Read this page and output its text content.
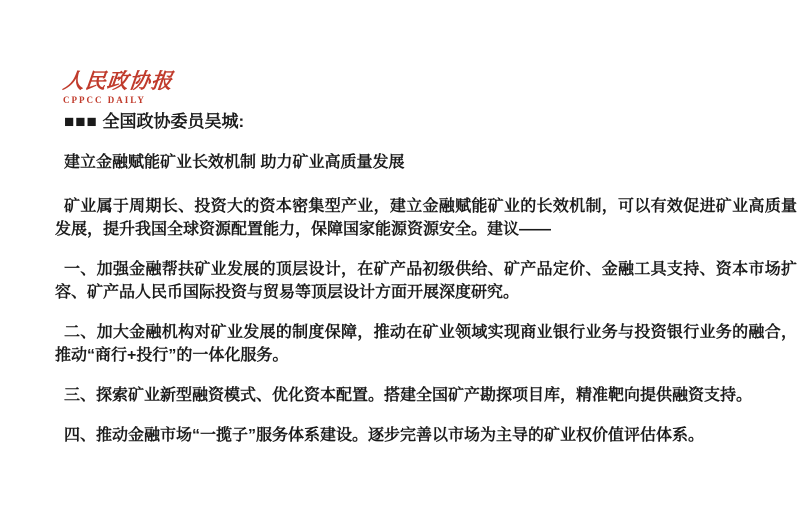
人民政协报
CPPCC DAILY
■■■ 全国政协委员吴城:
建立金融赋能矿业长效机制 助力矿业高质量发展

矿业属于周期长、投资大的资本密集型产业，建立金融赋能矿业的长效机制，可以有效促进矿业高质量发展，提升我国全球资源配置能力，保障国家能源资源安全。建议——

一、加强金融帮扶矿业发展的顶层设计，在矿产品初级供给、矿产品定价、金融工具支持、资本市场扩容、矿产品人民币国际投资与贸易等顶层设计方面开展深度研究。

二、加大金融机构对矿业发展的制度保障，推动在矿业领域实现商业银行业务与投资银行业务的融合，推动“商行+投行”的一体化服务。

三、探索矿业新型融资模式、优化资本配置。搭建全国矿产勘探项目库，精准靶向提供融资支持。

四、推动金融市场“一揽子”服务体系建设。逐步完善以市场为主导的矿业权价值评估体系。
